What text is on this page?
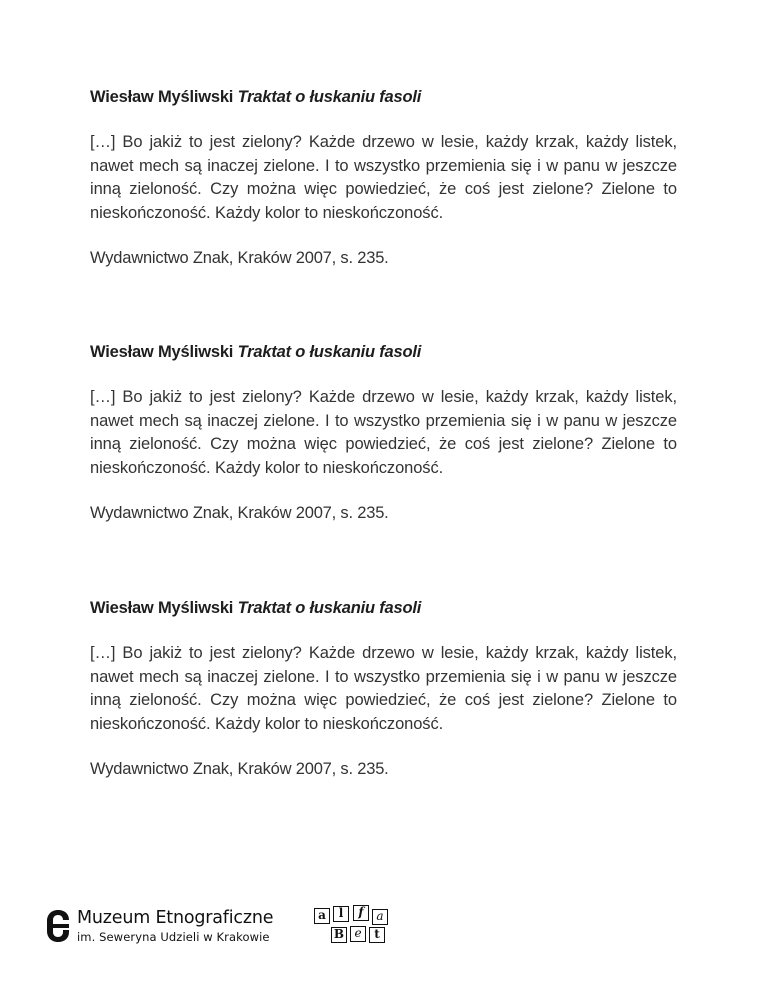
Wiesław Myśliwski Traktat o łuskaniu fasoli

[…] Bo jakiż to jest zielony? Każde drzewo w lesie, każdy krzak, każdy listek, nawet mech są inaczej zielone. I to wszystko przemienia się i w panu w jeszcze inną zieloność. Czy można więc powiedzieć, że coś jest zielone? Zielone to nieskończoność. Każdy kolor to nieskończoność.

Wydawnictwo Znak, Kraków 2007, s. 235.

Wiesław Myśliwski Traktat o łuskaniu fasoli

[…] Bo jakiż to jest zielony? Każde drzewo w lesie, każdy krzak, każdy listek, nawet mech są inaczej zielone. I to wszystko przemienia się i w panu w jeszcze inną zieloność. Czy można więc powiedzieć, że coś jest zielone? Zielone to nieskończoność. Każdy kolor to nieskończoność.

Wydawnictwo Znak, Kraków 2007, s. 235.

Wiesław Myśliwski Traktat o łuskaniu fasoli

[…] Bo jakiż to jest zielony? Każde drzewo w lesie, każdy krzak, każdy listek, nawet mech są inaczej zielone. I to wszystko przemienia się i w panu w jeszcze inną zieloność. Czy można więc powiedzieć, że coś jest zielone? Zielone to nieskończoność. Każdy kolor to nieskończoność.

Wydawnictwo Znak, Kraków 2007, s. 235.

Muzeum Etnograficzne
im. Seweryna Udzieli w Krakowie
a	l	f	a
B e	t
